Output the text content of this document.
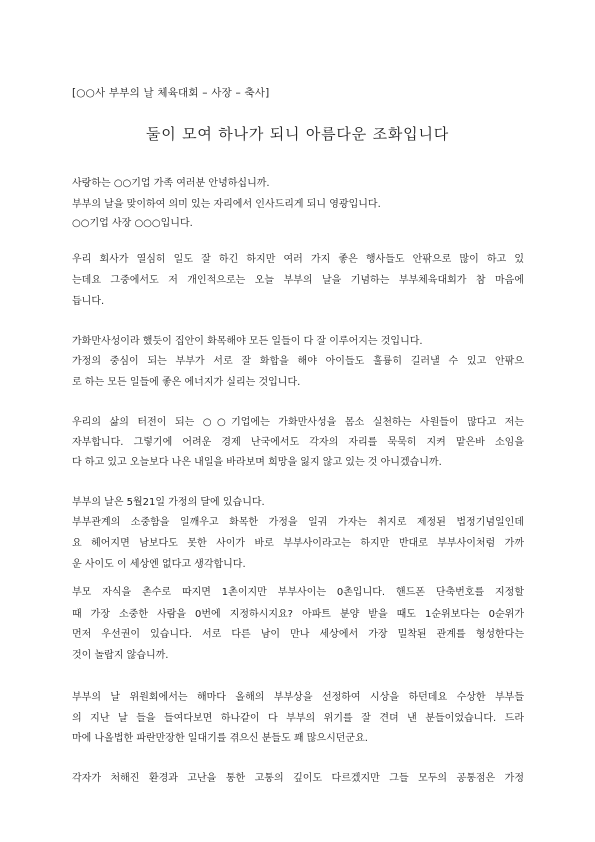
[○○사 부부의 날 체육대회 – 사장 – 축사]
둘이 모여 하나가 되니 아름다운 조화입니다
사랑하는 ○○기업 가족 여러분 안녕하십니까.
부부의 날을 맞이하여 의미 있는 자리에서 인사드리게 되니 영광입니다.
○○기업 사장 ○○○입니다.
우리 회사가 열심히 일도 잘 하긴 하지만 여러 가지 좋은 행사들도 안팎으로 많이 하고 있
는데요 그중에서도 저 개인적으로는 오늘 부부의 날을 기념하는 부부체육대회가 참 마음에
듭니다.
가화만사성이라 했듯이 집안이 화목해야 모든 일들이 다 잘 이루어지는 것입니다.
가정의 중심이 되는 부부가 서로 잘 화합을 해야 아이들도 훌륭히 길러낼 수 있고 안팎으
로 하는 모든 일들에 좋은 에너지가 실리는 것입니다.
우리의 삶의 터전이 되는 ○○기업에는 가화만사성을 몸소 실천하는 사원들이 많다고 저는
자부합니다. 그렇기에 어려운 경제 난국에서도 각자의 자리를 묵묵히 지켜 맡은바 소임을
다 하고 있고 오늘보다 나은 내일을 바라보며 희망을 잃지 않고 있는 것 아니겠습니까.
부부의 날은 5월21일 가정의 달에 있습니다.
부부관계의 소중함을 일깨우고 화목한 가정을 일궈 가자는 취지로 제정된 법정기념일인데
요 헤어지면 남보다도 못한 사이가 바로 부부사이라고는 하지만 반대로 부부사이처럼 가까
운 사이도 이 세상엔 없다고 생각합니다.
부모 자식을 촌수로 따지면 1촌이지만 부부사이는 0촌입니다. 핸드폰 단축번호를 지정할
때 가장 소중한 사람을 0번에 지정하시지요? 아파트 분양 받을 때도 1순위보다는 0순위가
먼저 우선권이 있습니다. 서로 다른 남이 만나 세상에서 가장 밀착된 관계를 형성한다는
것이 놀랍지 않습니까.
부부의 날 위원회에서는 해마다 올해의 부부상을 선정하여 시상을 하던데요 수상한 부부들
의 지난 날 들을 들여다보면 하나같이 다 부부의 위기를 잘 견뎌 낸 분들이었습니다. 드라
마에 나올법한 파란만장한 일대기를 겪으신 분들도 꽤 많으시던군요.
각자가 처해진 환경과 고난을 통한 고통의 깊이도 다르겠지만 그들 모두의 공통점은 가정
